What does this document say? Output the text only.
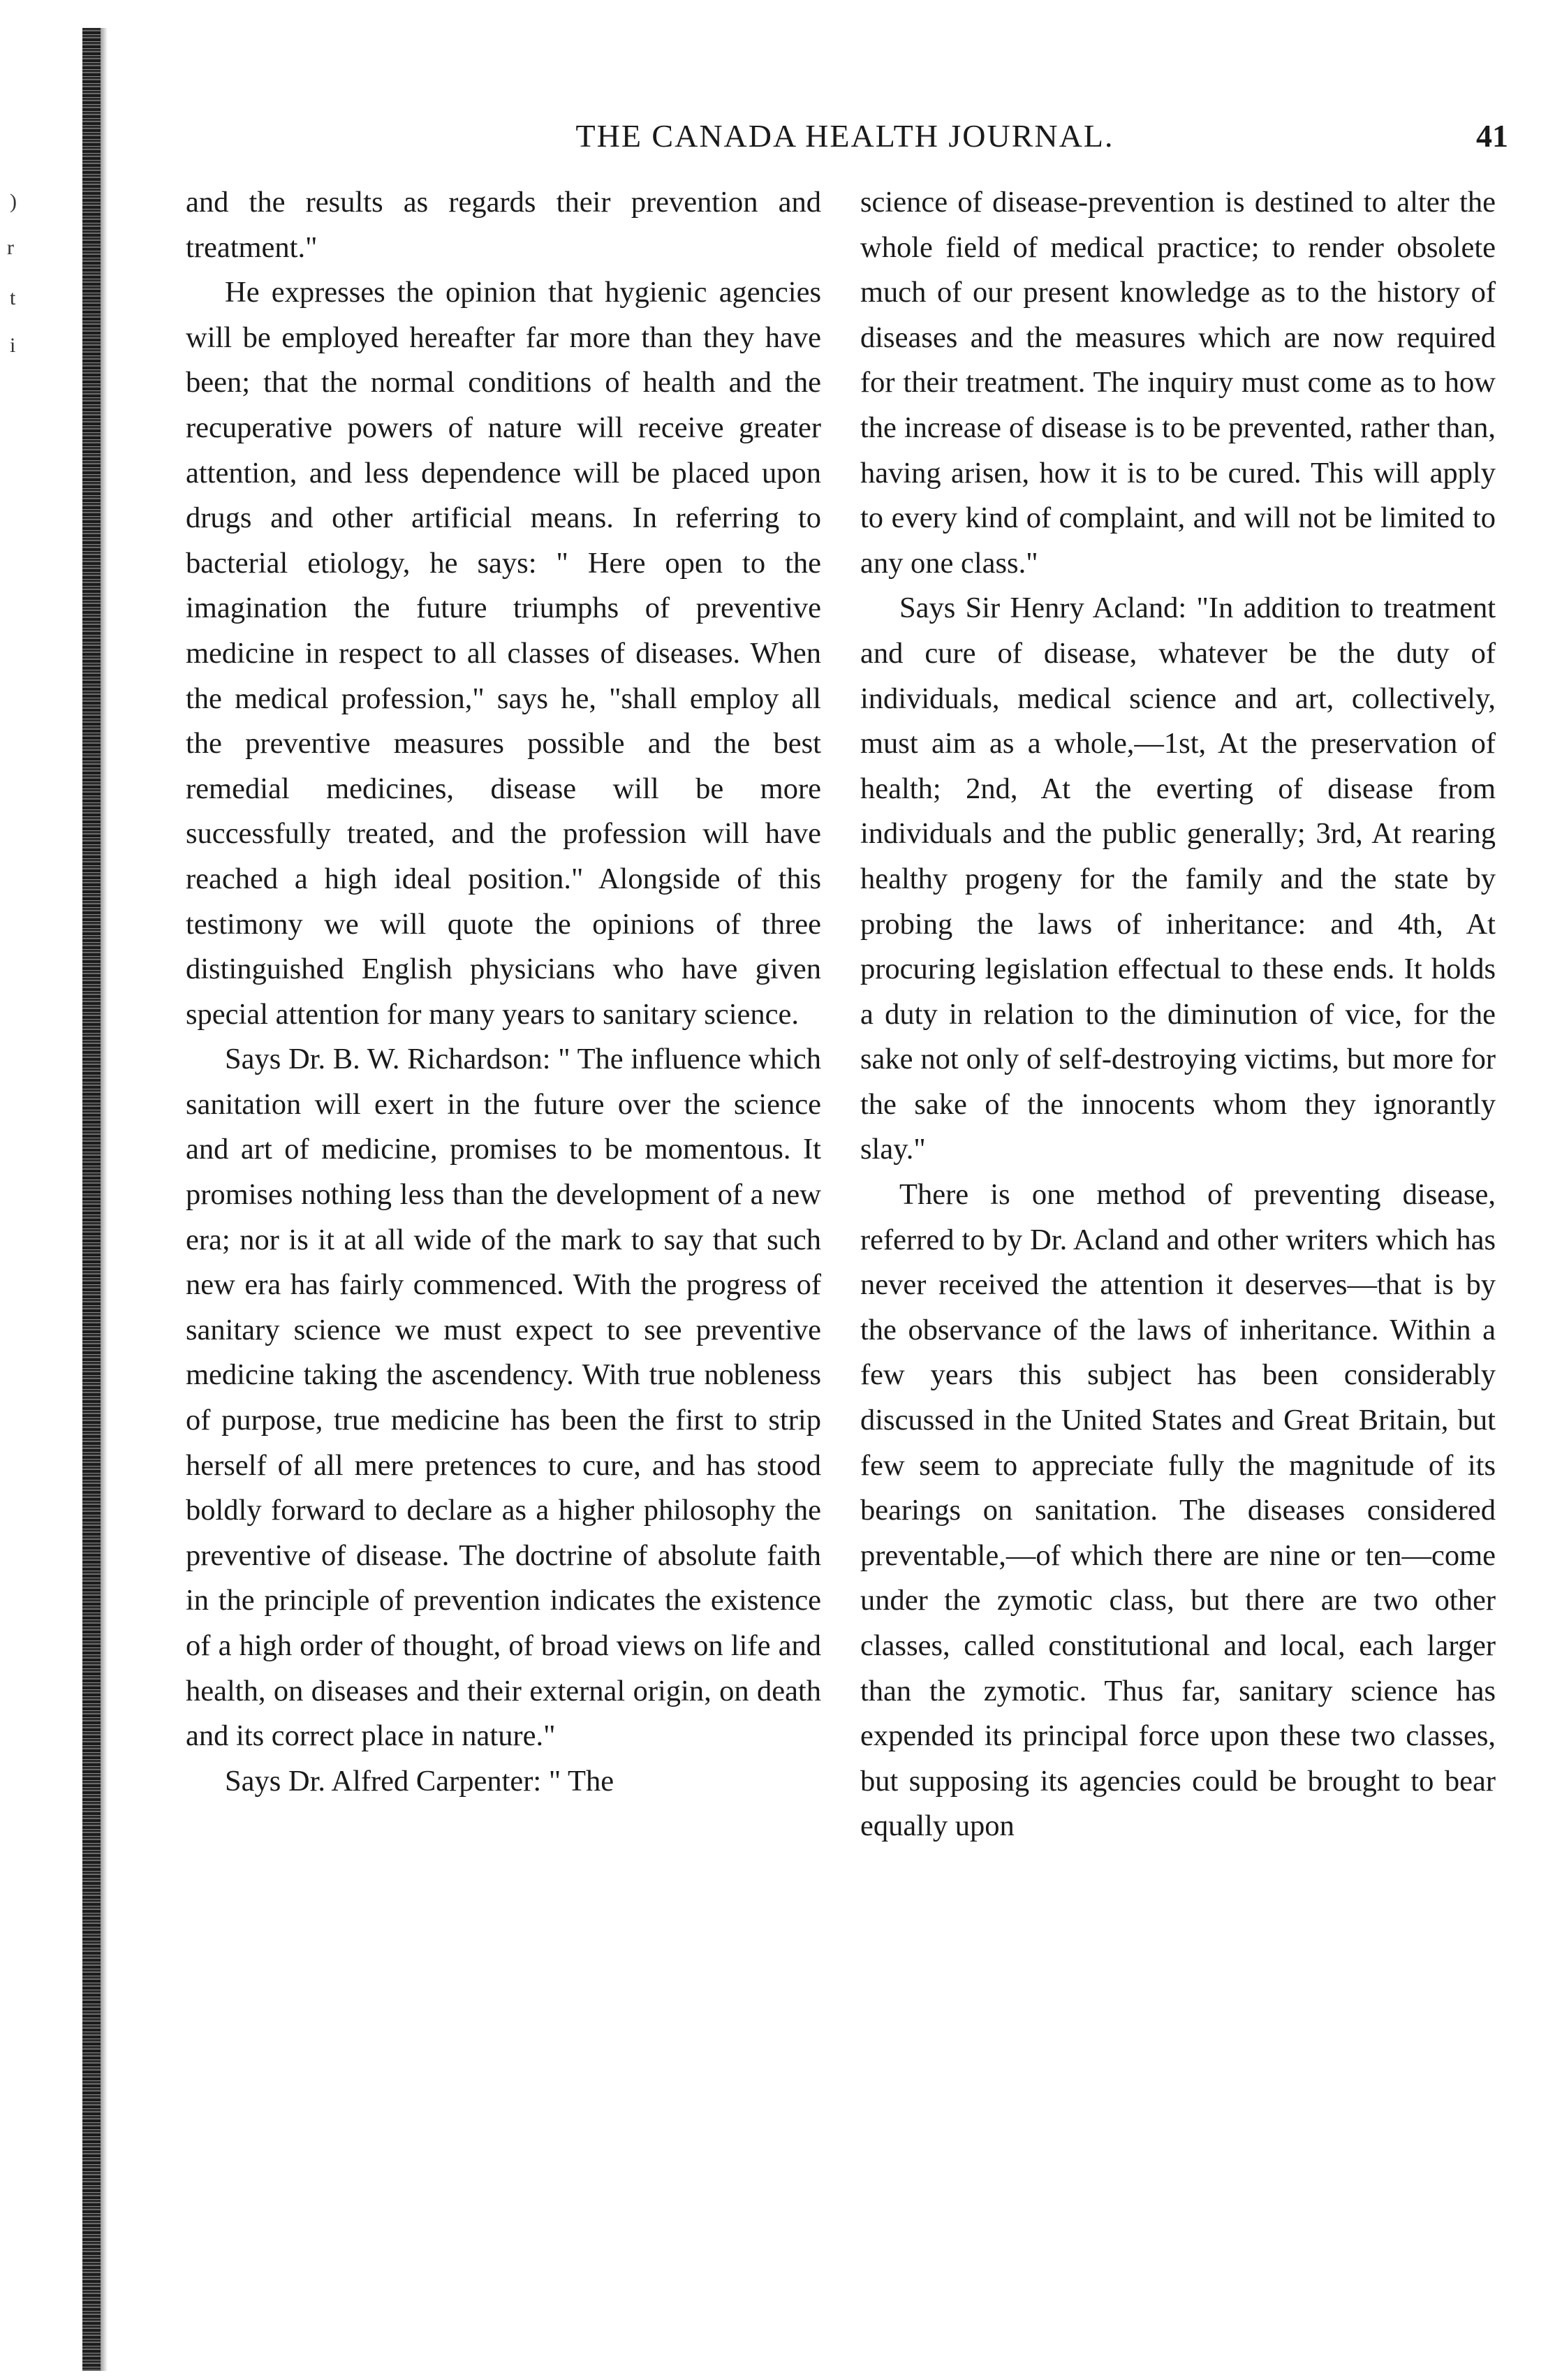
)
r
t
i
THE CANADA HEALTH JOURNAL.	41

and the results as regards their prevention and treatment."

He expresses the opinion that hygienic agencies will be employed hereafter far more than they have been; that the normal conditions of health and the recuperative powers of nature will receive greater attention, and less dependence will be placed upon drugs and other artificial means. In referring to bacterial etiology, he says: " Here open to the imagination the future triumphs of preventive medicine in respect to all classes of diseases. When the medical profession," says he, "shall employ all the preventive measures possible and the best remedial medicines, disease will be more successfully treated, and the profession will have reached a high ideal position." Alongside of this testimony we will quote the opinions of three distinguished English physicians who have given special attention for many years to sanitary science.

Says Dr. B. W. Richardson: " The influence which sanitation will exert in the future over the science and art of medicine, promises to be momentous. It promises nothing less than the development of a new era; nor is it at all wide of the mark to say that such new era has fairly commenced. With the progress of sanitary science we must expect to see preventive medicine taking the ascendency. With true nobleness of purpose, true medicine has been the first to strip herself of all mere pretences to cure, and has stood boldly forward to declare as a higher philosophy the preventive of disease. The doctrine of absolute faith in the principle of prevention indicates the existence of a high order of thought, of broad views on life and health, on diseases and their external origin, on death and its correct place in nature."

Says Dr. Alfred Carpenter: " The

science of disease-prevention is destined to alter the whole field of medical practice; to render obsolete much of our present knowledge as to the history of diseases and the measures which are now required for their treatment. The inquiry must come as to how the increase of disease is to be prevented, rather than, having arisen, how it is to be cured. This will apply to every kind of complaint, and will not be limited to any one class."

Says Sir Henry Acland: "In addition to treatment and cure of disease, whatever be the duty of individuals, medical science and art, collectively, must aim as a whole,—1st, At the preservation of health; 2nd, At the everting of disease from individuals and the public generally; 3rd, At rearing healthy progeny for the family and the state by probing the laws of inheritance: and 4th, At procuring legislation effectual to these ends. It holds a duty in relation to the diminution of vice, for the sake not only of self-destroying victims, but more for the sake of the innocents whom they ignorantly slay."

There is one method of preventing disease, referred to by Dr. Acland and other writers which has never received the attention it deserves—that is by the observance of the laws of inheritance. Within a few years this subject has been considerably discussed in the United States and Great Britain, but few seem to appreciate fully the magnitude of its bearings on sanitation. The diseases considered preventable,—of which there are nine or ten—come under the zymotic class, but there are two other classes, called constitutional and local, each larger than the zymotic. Thus far, sanitary science has expended its principal force upon these two classes, but supposing its agencies could be brought to bear equally upon
